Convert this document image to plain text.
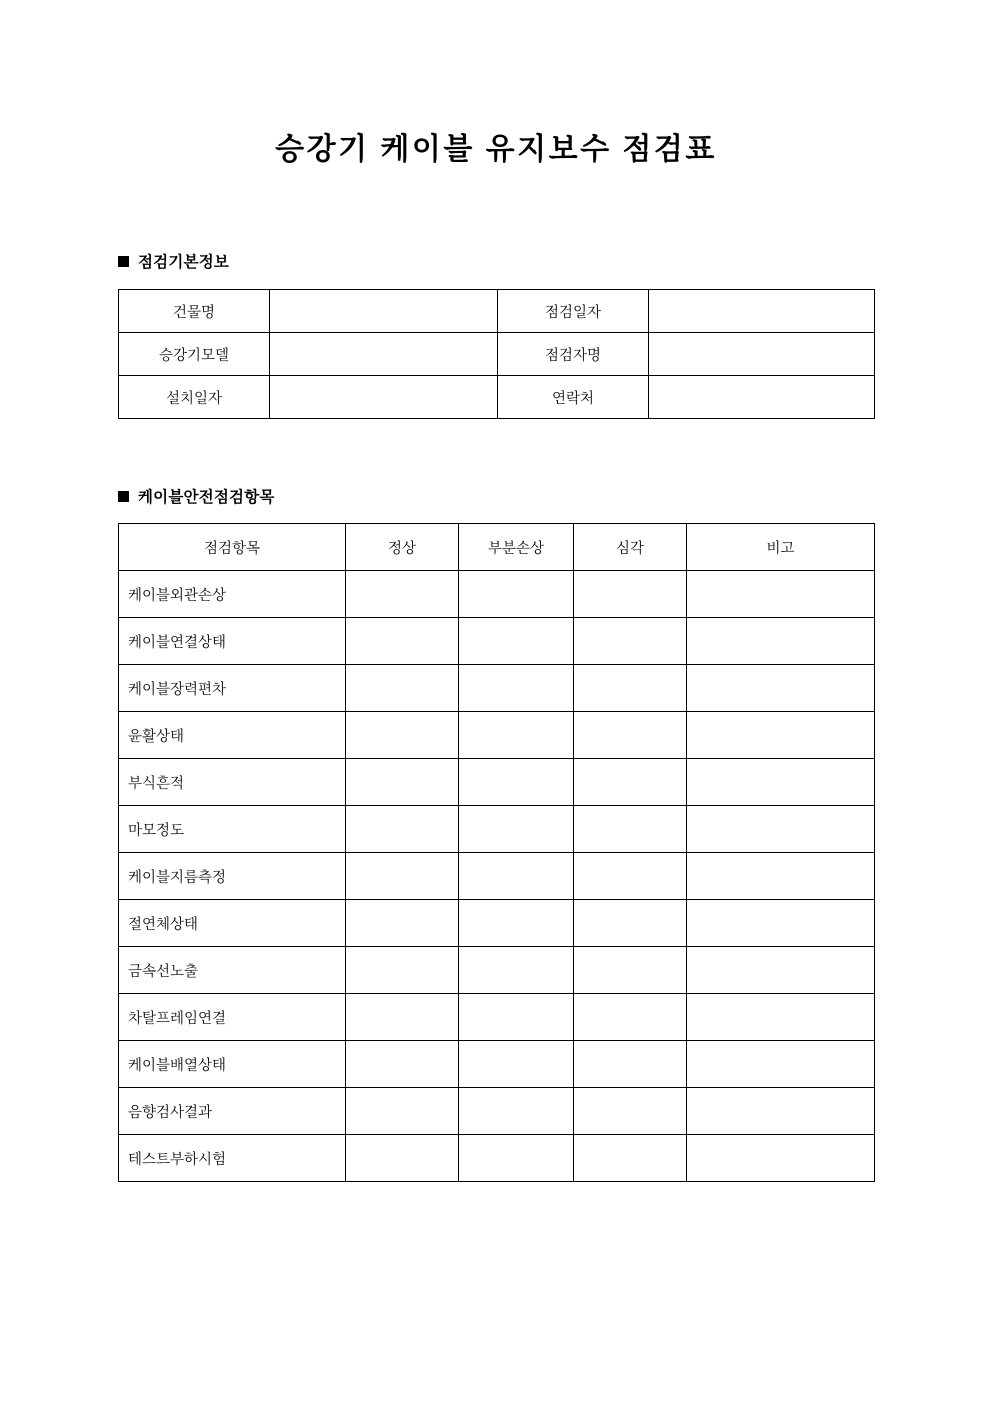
승강기 케이블 유지보수 점검표
점검기본정보
건물명		점검일자	
승강기모델		점검자명	
설치일자		연락처	
케이블안전점검항목
점검항목	정상	부분손상	심각	비고
케이블외관손상				
케이블연결상태				
케이블장력편차				
윤활상태				
부식흔적				
마모정도				
케이블지름측정				
절연체상태				
금속선노출				
차탈프레임연결				
케이블배열상태				
음향검사결과				
테스트부하시험				
